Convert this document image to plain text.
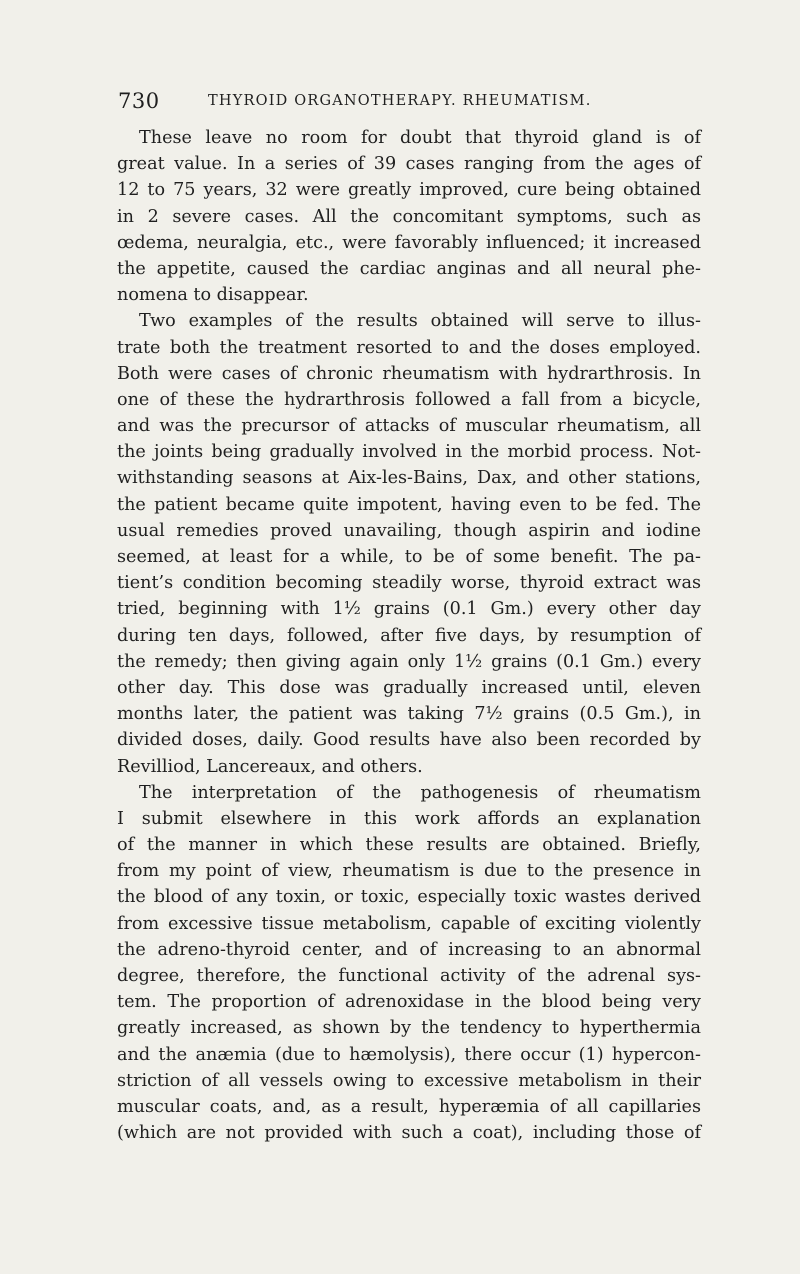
730	THYROID ORGANOTHERAPY. RHEUMATISM.
These leave no room for doubt that thyroid gland is of
great value. In a series of 39 cases ranging from the ages of
12 to 75 years, 32 were greatly improved, cure being obtained
in 2 severe cases. All the concomitant symptoms, such as
œdema, neuralgia, etc., were favorably influenced; it increased
the appetite, caused the cardiac anginas and all neural phe-
nomena to disappear.
Two examples of the results obtained will serve to illus-
trate both the treatment resorted to and the doses employed.
Both were cases of chronic rheumatism with hydrarthrosis. In
one of these the hydrarthrosis followed a fall from a bicycle,
and was the precursor of attacks of muscular rheumatism, all
the joints being gradually involved in the morbid process. Not-
withstanding seasons at Aix-les-Bains, Dax, and other stations,
the patient became quite impotent, having even to be fed. The
usual remedies proved unavailing, though aspirin and iodine
seemed, at least for a while, to be of some benefit. The pa-
tient’s condition becoming steadily worse, thyroid extract was
tried, beginning with 1½ grains (0.1 Gm.) every other day
during ten days, followed, after five days, by resumption of
the remedy; then giving again only 1½ grains (0.1 Gm.) every
other day. This dose was gradually increased until, eleven
months later, the patient was taking 7½ grains (0.5 Gm.), in
divided doses, daily. Good results have also been recorded by
Revilliod, Lancereaux, and others.
The interpretation of the pathogenesis of rheumatism
I submit elsewhere in this work affords an explanation
of the manner in which these results are obtained. Briefly,
from my point of view, rheumatism is due to the presence in
the blood of any toxin, or toxic, especially toxic wastes derived
from excessive tissue metabolism, capable of exciting violently
the adreno-thyroid center, and of increasing to an abnormal
degree, therefore, the functional activity of the adrenal sys-
tem. The proportion of adrenoxidase in the blood being very
greatly increased, as shown by the tendency to hyperthermia
and the anæmia (due to hæmolysis), there occur (1) hypercon-
striction of all vessels owing to excessive metabolism in their
muscular coats, and, as a result, hyperæmia of all capillaries
(which are not provided with such a coat), including those of
